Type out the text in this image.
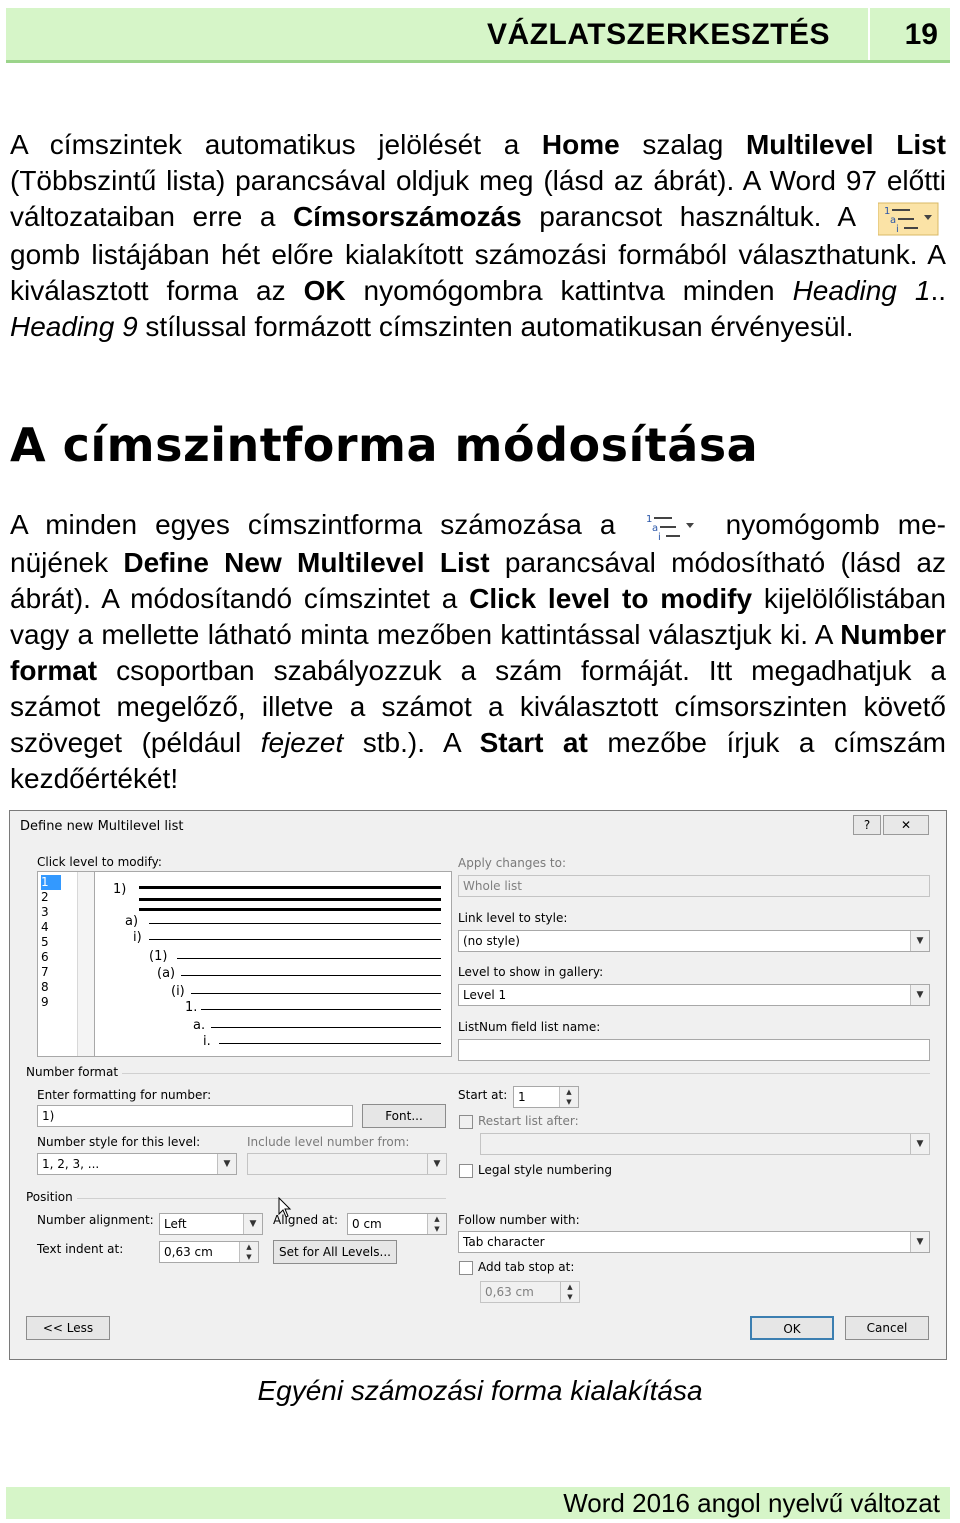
VÁZLATSZERKESZTÉS 19
A címszintek automatikus jelölését a Home szalag Multilevel List (Többszintű lista) parancsával oldjuk meg (lásd az ábrát). A Word 97 előtti változataiban erre a Címsorszámozás parancsot használtuk. A 1
a
i
gomb listájában hét előre kialakított számozási formából választhatunk. A kiválasztott forma az OK nyomógombra kattintva minden Heading 1.. Heading 9 stílussal formázott címszinten automatikusan érvényesül.
A címszintforma módosítása
A minden egyes címszintforma számozása a 1
a
i nyomógomb menüjének Define New Multilevel List parancsával módosítható (lásd az ábrát). A módosítandó címszintet a Click level to modify kijelölőlistában vagy a mellette látható minta mezőben kattintással választjuk ki. A Number format csoportban szabályozzuk a szám formáját. Itt megadhatjuk a számot megelőző, illetve a számot a kiválasztott címsorszinten követő szöveget (például fejezet stb.). A Start at mezőbe írjuk a címszám kezdőértékét!
Define new Multilevel list	?	✕
Click level to modify:
1
2
3
4
5
6
7
8
9
1)
a)
i)
(1)
(a)
(i)
1.
a.
i.
Apply changes to:
Whole list
Link level to style:
(no style)	▼
Level to show in gallery:
Level 1	▼
ListNum field list name:
Number format
Enter formatting for number:
1)	Font...
Number style for this level:
1, 2, 3, ...	▼
Include level number from:
▼
Start at: 1	▲
▼
Restart list after:
▼
Legal style numbering
Position
Number alignment: Left	▼	Aligned at:	0 cm	▲
▼
Text indent at:	0,63 cm	▲
▼	Set for All Levels...
Follow number with:
Tab character	▼
Add tab stop at:
0,63 cm	▲
▼
<< Less	OK	Cancel
Egyéni számozási forma kialakítása
Word 2016 angol nyelvű változat
